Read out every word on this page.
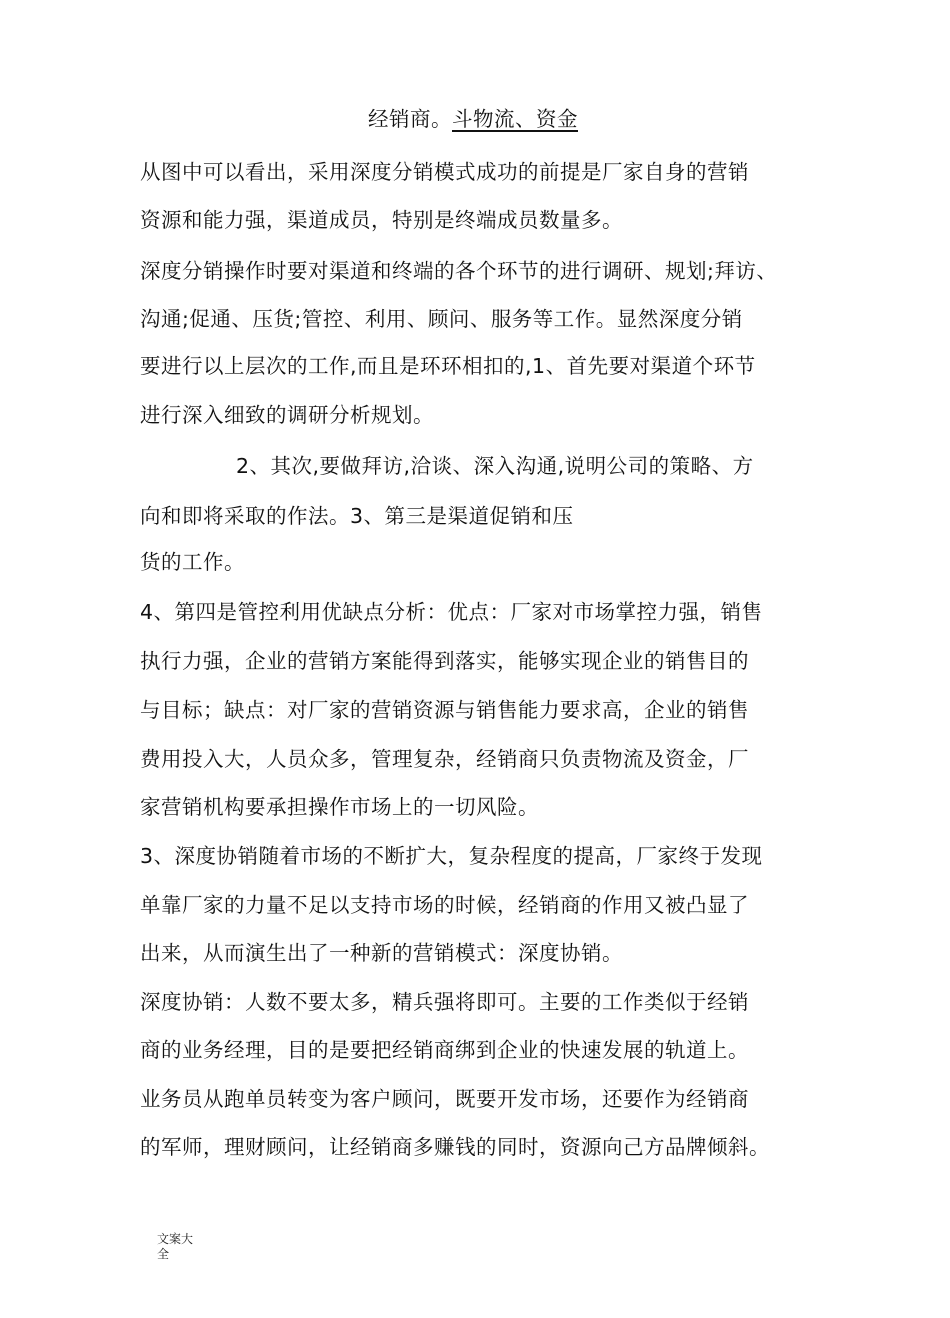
经销商。斗物流、资金
从图中可以看出，采用深度分销模式成功的前提是厂家自身的营销
资源和能力强，渠道成员，特别是终端成员数量多。
深度分销操作时要对渠道和终端的各个环节的进行调研、规划;拜访、
沟通;促通、压货;管控、利用、顾问、服务等工作。显然深度分销
要进行以上层次的工作,而且是环环相扣的,1、首先要对渠道个环节
进行深入细致的调研分析规划。
2、其次,要做拜访,洽谈、深入沟通,说明公司的策略、方
向和即将采取的作法。3、第三是渠道促销和压
货的工作。
4、第四是管控利用优缺点分析：优点：厂家对市场掌控力强，销售
执行力强，企业的营销方案能得到落实，能够实现企业的销售目的
与目标；缺点：对厂家的营销资源与销售能力要求高，企业的销售
费用投入大，人员众多，管理复杂，经销商只负责物流及资金，厂
家营销机构要承担操作市场上的一切风险。
3、深度协销随着市场的不断扩大，复杂程度的提高，厂家终于发现
单靠厂家的力量不足以支持市场的时候，经销商的作用又被凸显了
出来，从而演生出了一种新的营销模式：深度协销。
深度协销：人数不要太多，精兵强将即可。主要的工作类似于经销
商的业务经理，目的是要把经销商绑到企业的快速发展的轨道上。
业务员从跑单员转变为客户顾问，既要开发市场，还要作为经销商
的军师，理财顾问，让经销商多赚钱的同时，资源向己方品牌倾斜。
文案大全
